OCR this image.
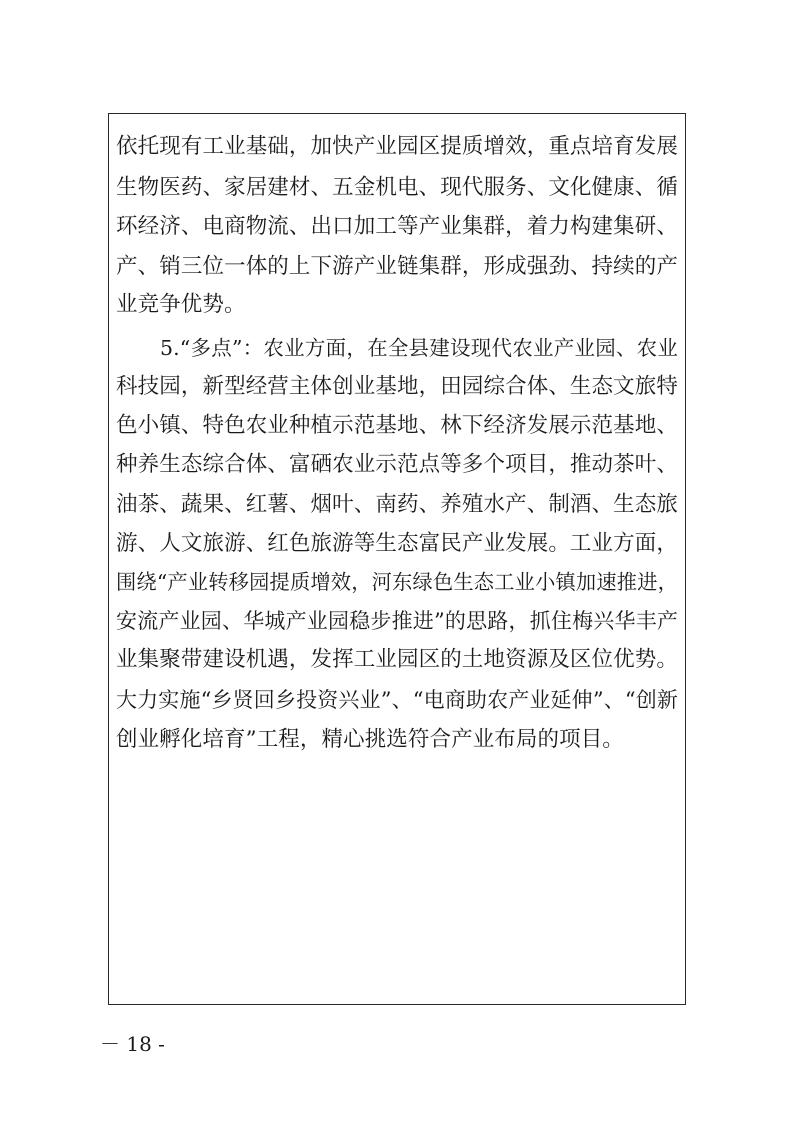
依托现有工业基础，加快产业园区提质增效，重点培育发展
生物医药、家居建材、五金机电、现代服务、文化健康、循
环经济、电商物流、出口加工等产业集群，着力构建集研、
产、销三位一体的上下游产业链集群，形成强劲、持续的产
业竞争优势。
5.“多点”：农业方面，在全县建设现代农业产业园、农业
科技园，新型经营主体创业基地，田园综合体、生态文旅特
色小镇、特色农业种植示范基地、林下经济发展示范基地、
种养生态综合体、富硒农业示范点等多个项目，推动茶叶、
油茶、蔬果、红薯、烟叶、南药、养殖水产、制酒、生态旅
游、人文旅游、红色旅游等生态富民产业发展。工业方面，
围绕“产业转移园提质增效，河东绿色生态工业小镇加速推进，
安流产业园、华城产业园稳步推进”的思路，抓住梅兴华丰产
业集聚带建设机遇，发挥工业园区的土地资源及区位优势。
大力实施“乡贤回乡投资兴业”、“电商助农产业延伸”、“创新
创业孵化培育”工程，精心挑选符合产业布局的项目。
－ 18 -
